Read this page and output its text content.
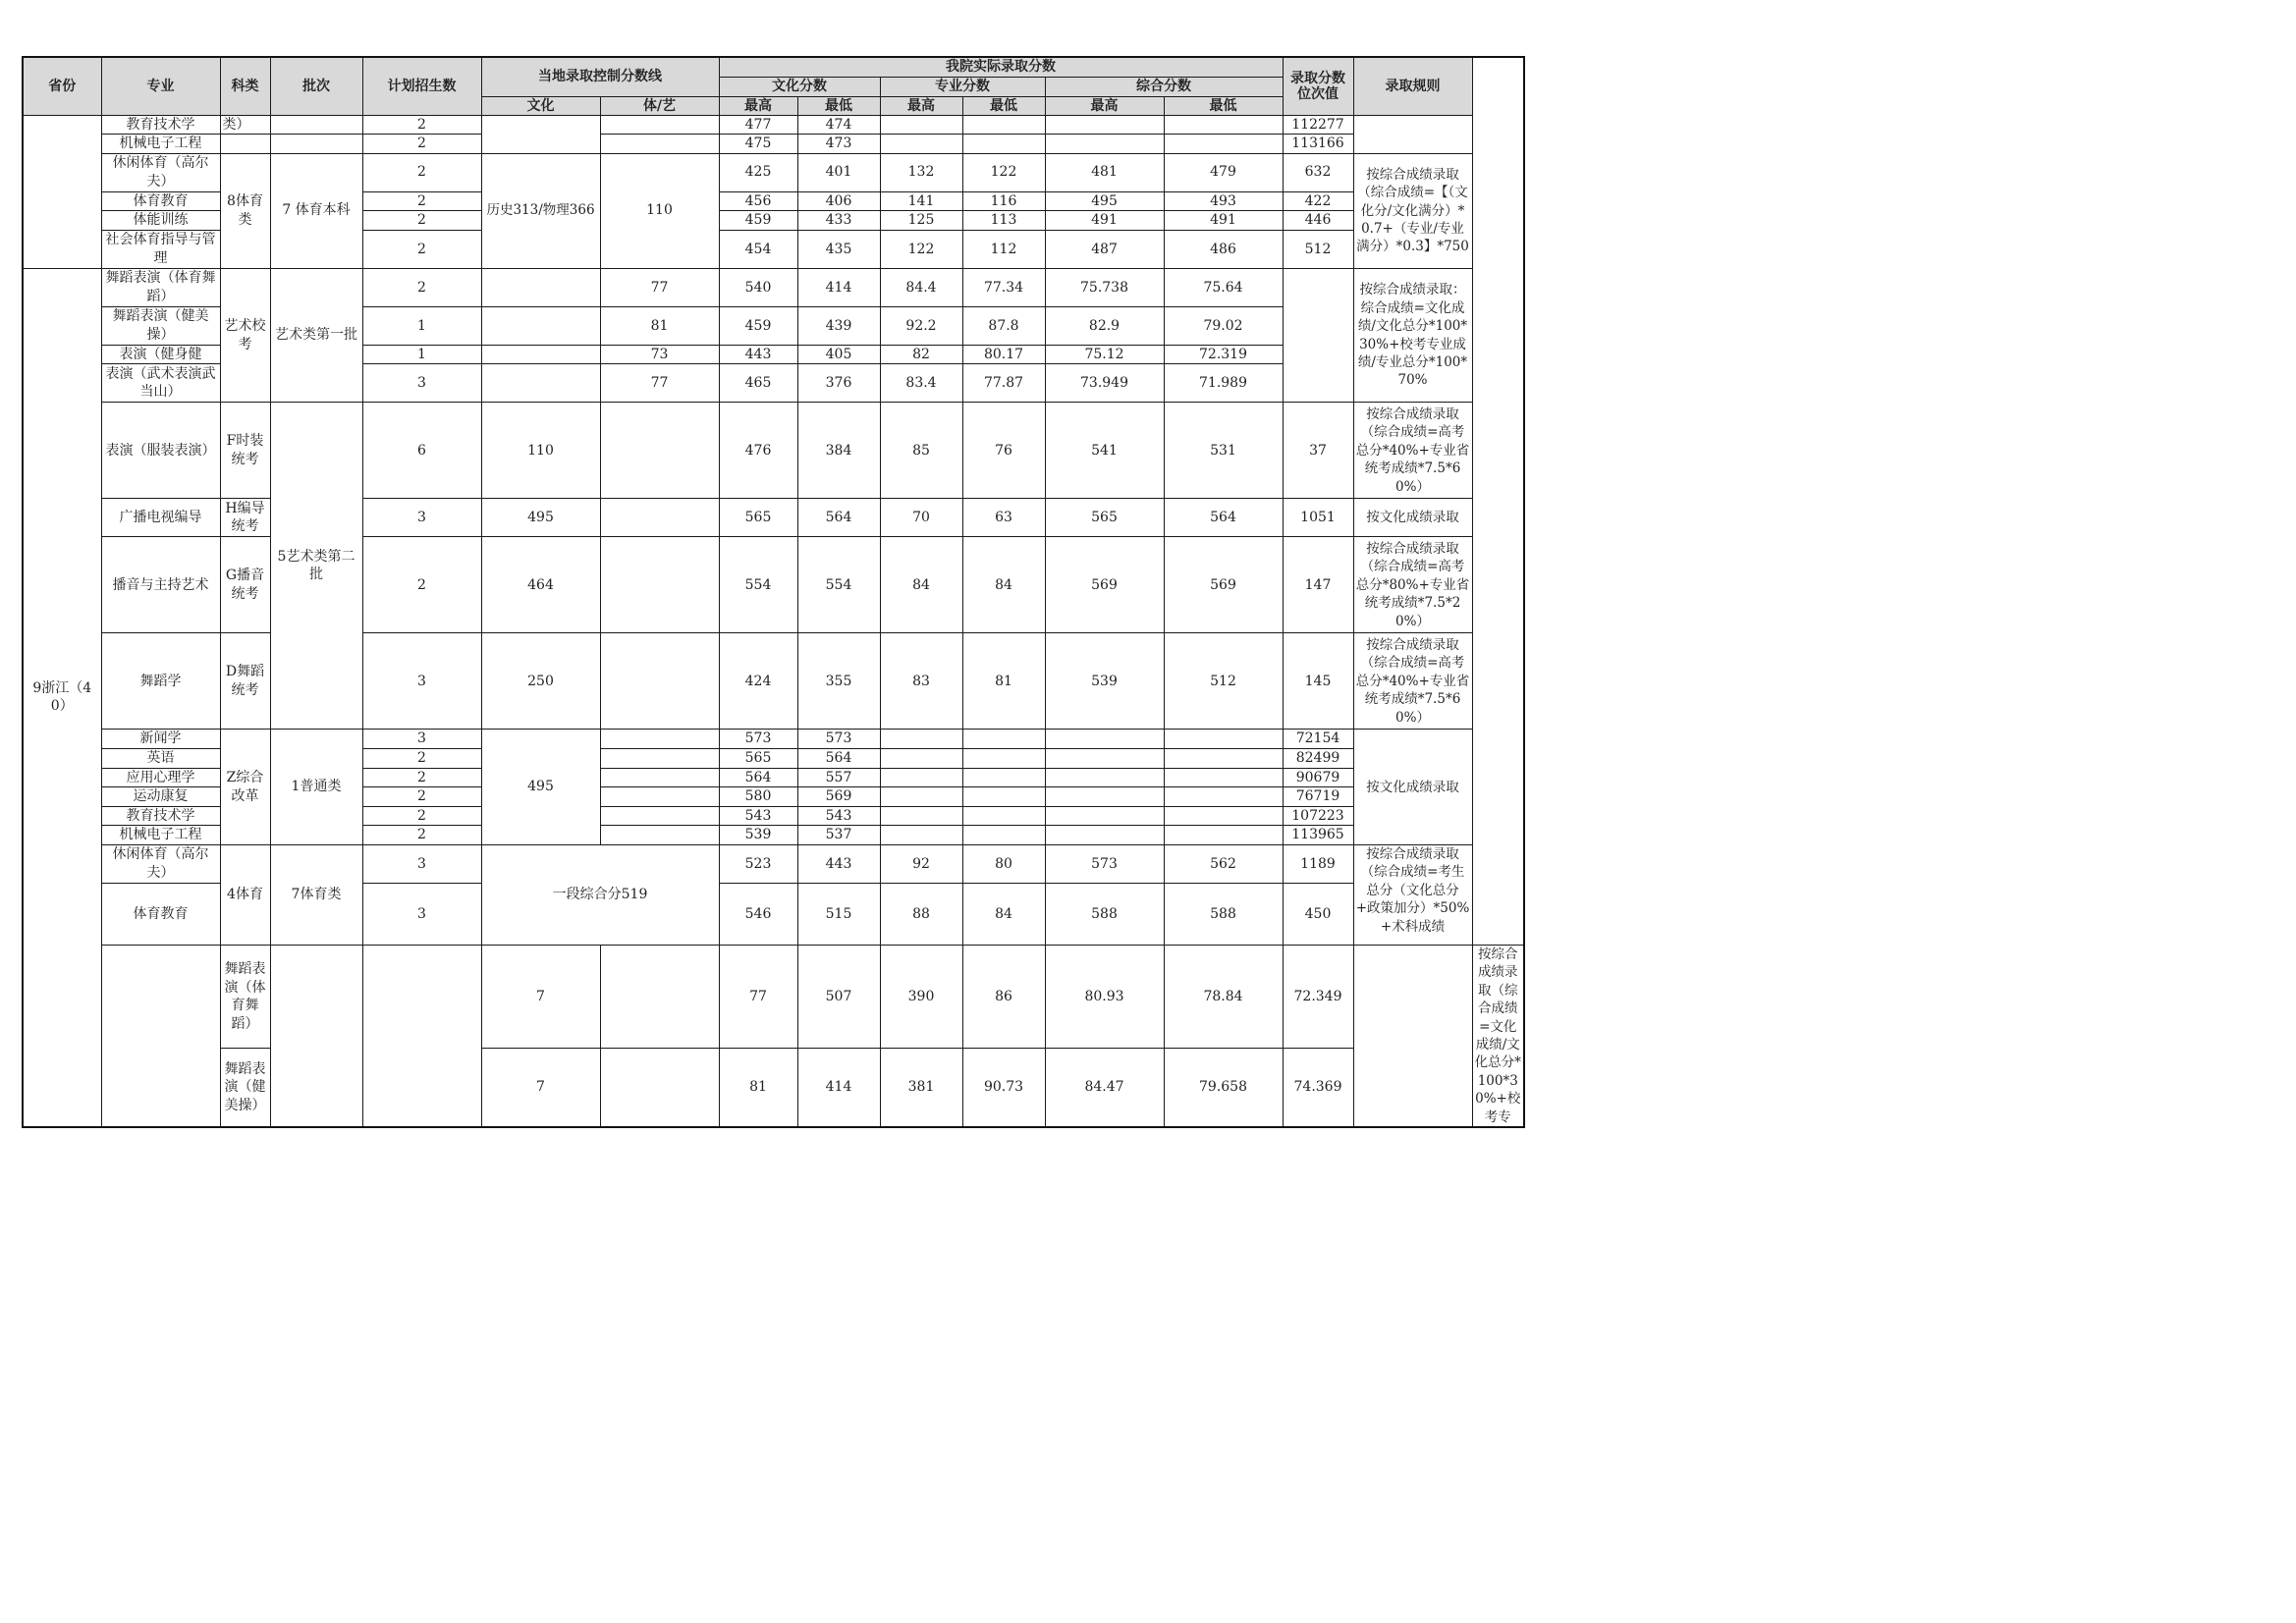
省份	专业	科类	批次	计划招生数	当地录取控制分数线		我院实际录取分数						录取分数位次值	录取规则	
							文化分数		专业分数		综合分数				
					文化	体/艺	最高	最低	最高	最低	最高	最低			
	教育技术学	类）		2			477	474					112277		
	机械电子工程			2			475	473					113166		
	休闲体育（高尔夫）	8体育类	7 体育本科	2	历史313/物理366	110	425	401	132	122	481	479	632	按综合成绩录取（综合成绩=【（文化分/文化满分）*0.7+（专业/专业满分）*0.3】*750	
	体育教育			2			456	406	141	116	495	493	422		
	体能训练			2			459	433	125	113	491	491	446		
	社会体育指导与管理			2			454	435	122	112	487	486	512		
9浙江（40）	舞蹈表演（体育舞蹈）	艺术校考	艺术类第一批	2		77	540	414	84.4	77.34	75.738	75.64		按综合成绩录取：综合成绩=文化成绩/文化总分*100*30%+校考专业成绩/专业总分*100*70%	
	舞蹈表演（健美操）			1		81	459	439	92.2	87.8	82.9	79.02			
	表演（健身健			1		73	443	405	82	80.17	75.12	72.319			
	表演（武术表演武当山）			3		77	465	376	83.4	77.87	73.949	71.989			
	表演（服装表演）	F时装统考	5艺术类第二批	6	110		476	384	85	76	541	531	37	按综合成绩录取（综合成绩=高考总分*40%+专业省统考成绩*7.5*60%）	
	广播电视编导	H编导统考		3	495		565	564	70	63	565	564	1051	按文化成绩录取	
	播音与主持艺术	G播音统考		2	464		554	554	84	84	569	569	147	按综合成绩录取（综合成绩=高考总分*80%+专业省统考成绩*7.5*20%）	
	舞蹈学	D舞蹈统考		3	250		424	355	83	81	539	512	145	按综合成绩录取（综合成绩=高考总分*40%+专业省统考成绩*7.5*60%）	
	新闻学	Z综合改革	1普通类	3	495		573	573					72154	按文化成绩录取	
	英语			2			565	564					82499		
	应用心理学			2			564	557					90679		
	运动康复			2			580	569					76719		
	教育技术学			2			543	543					107223		
	机械电子工程			2			539	537					113965		
	休闲体育（高尔夫）	4体育	7体育类	3	一段综合分519		523	443	92	80	573	562	1189	按综合成绩录取（综合成绩=考生总分（文化总分+政策加分）*50%+术科成绩	
	体育教育			3			546	515	88	84	588	588	450		
		舞蹈表演（体育舞蹈）			7		77	507	390	86	80.93	78.84	72.349		按综合成绩录取（综合成绩=文化成绩/文化总分*100*30%+校考专
		舞蹈表演（健美操）			7		81	414	381	90.73	84.47	79.658	74.369		
